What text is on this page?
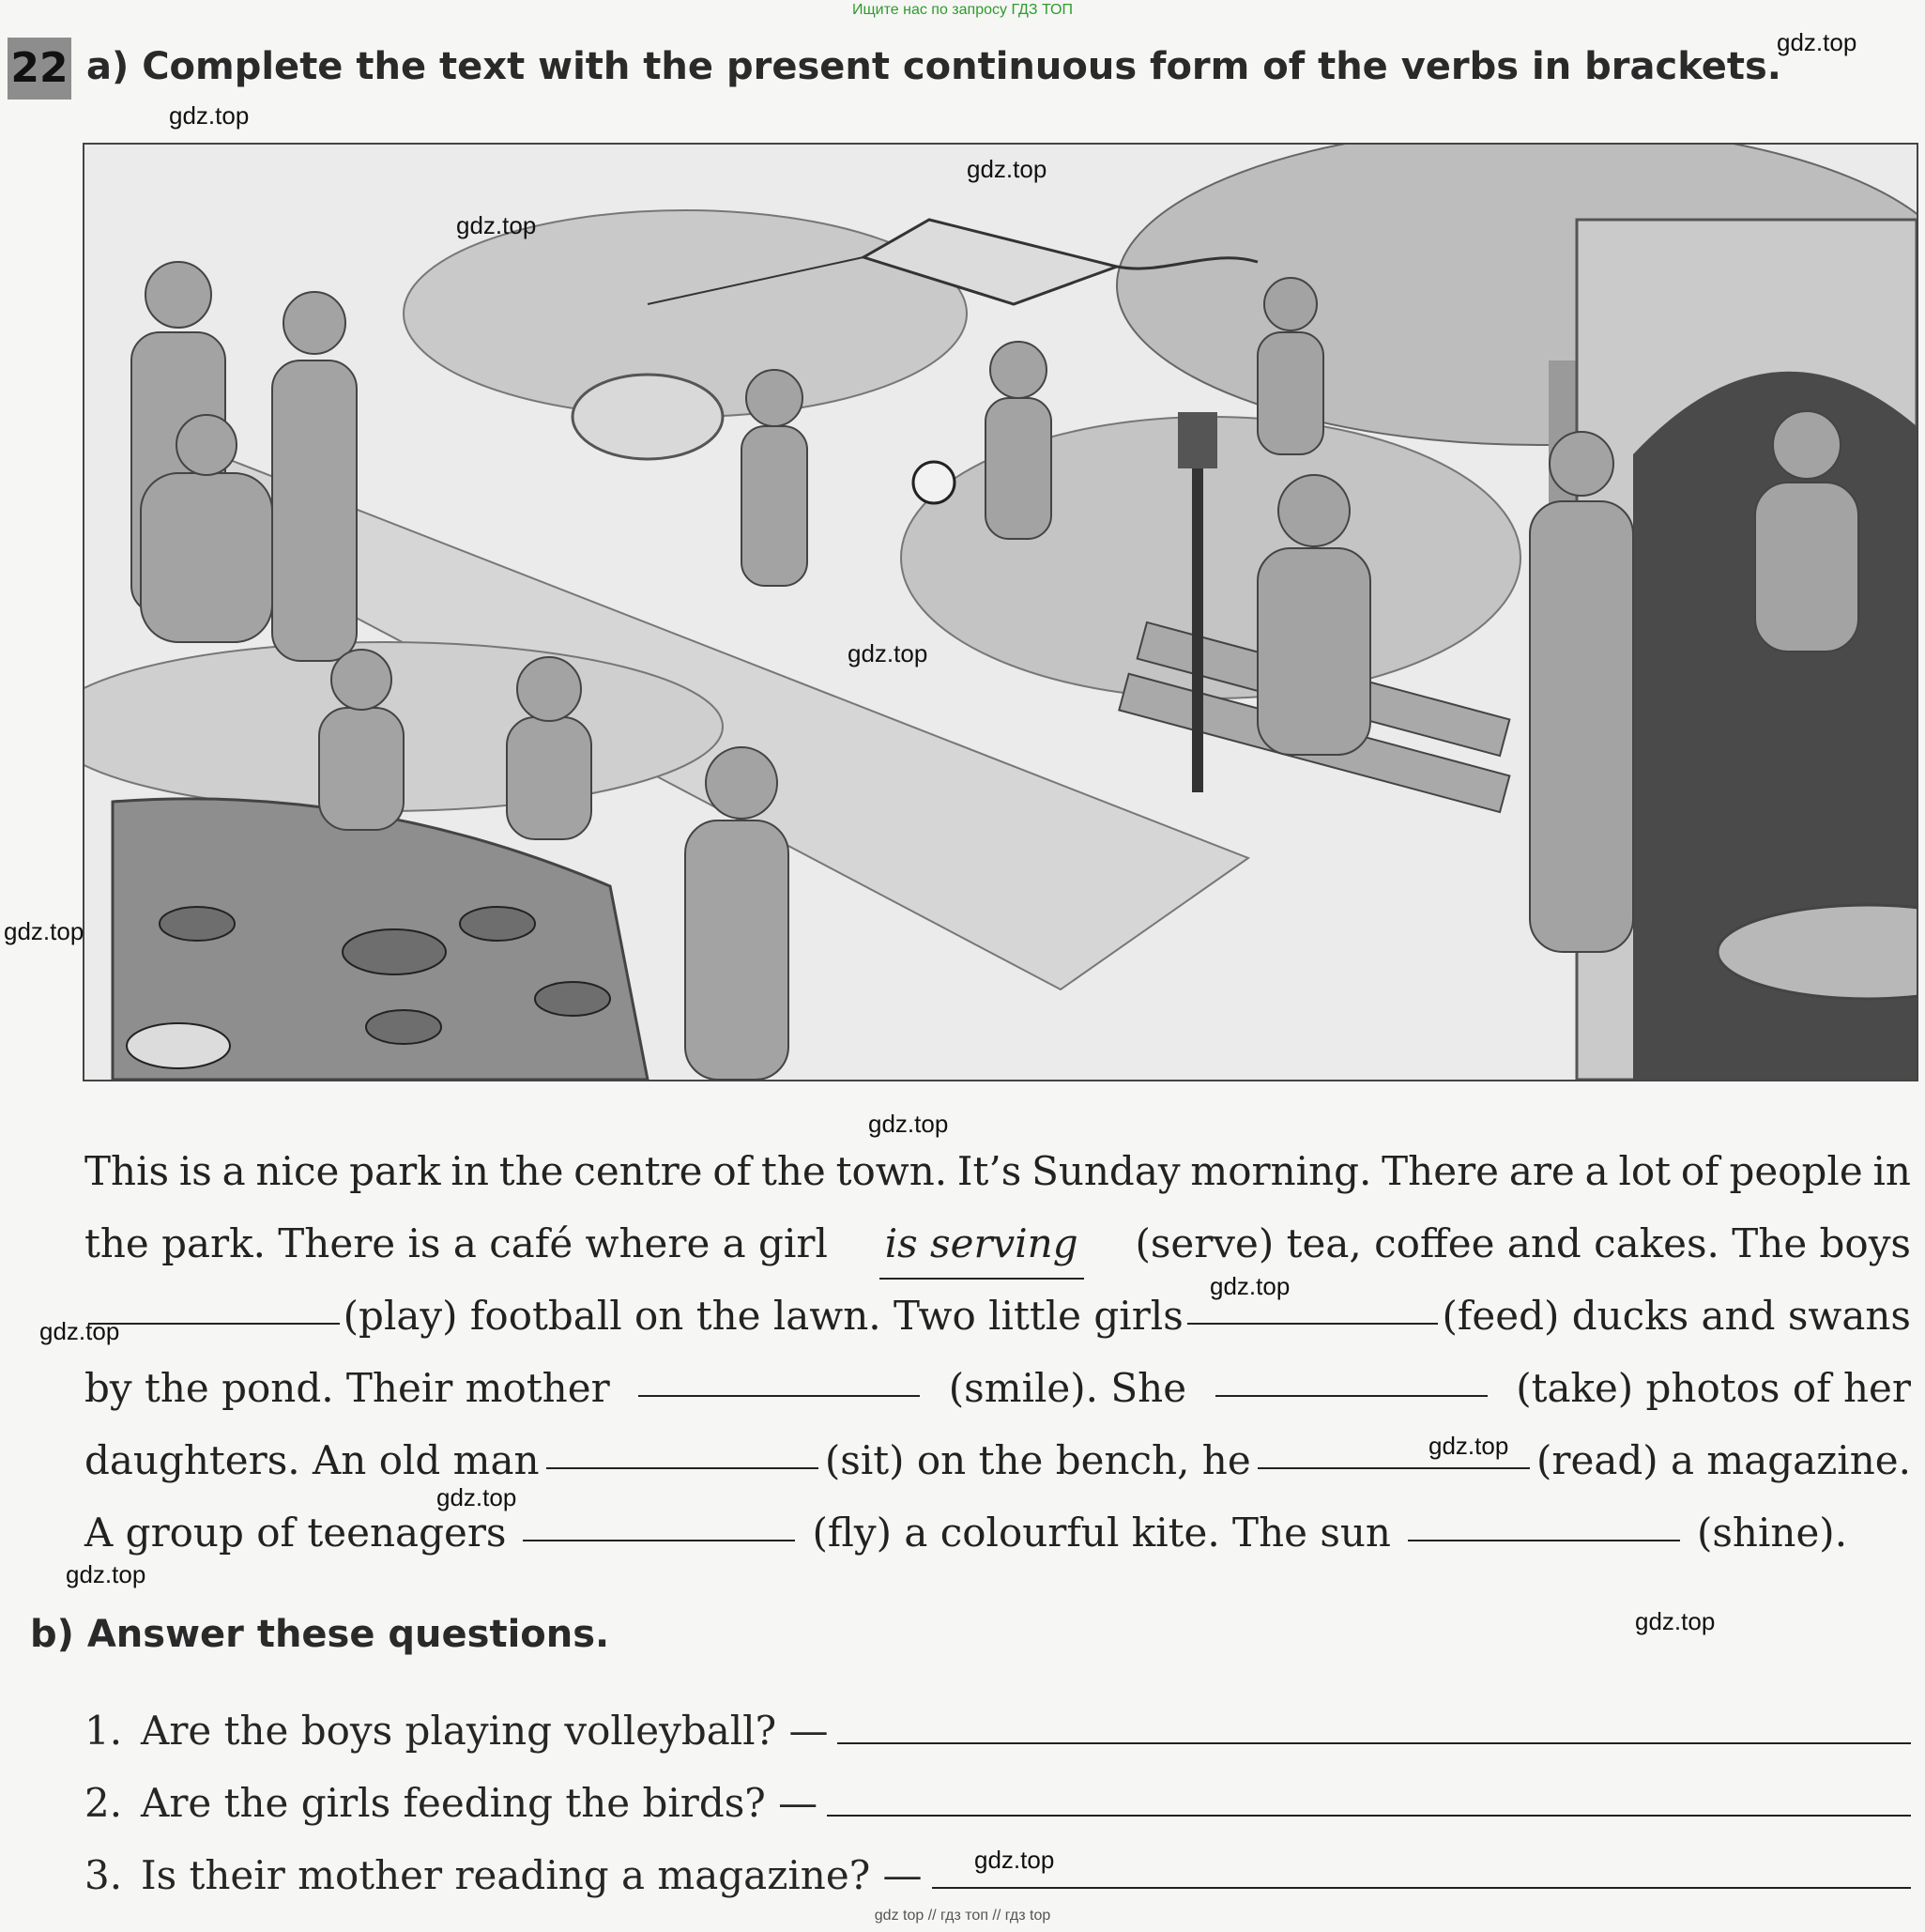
Ищите нас по запросу ГДЗ ТОП
22 a) Complete the text with the present continuous form of the verbs in brackets.
gdz.top
gdz.top
gdz.top
gdz.top
gdz.top
gdz.top
gdz.top
This is a nice park in the centre of the town. It’s Sunday morning. There are a lot of people in
the park. There is a café where a girl is serving (serve) tea, coffee and cakes. The boys
(play) football on the lawn. Two little girls	(feed) ducks and swans
by the pond. Their mother	(smile). She	(take) photos of her
daughters. An old man	(sit) on the bench, he	(read) a magazine.
A group of teenagers	(fly) a colourful kite. The sun	(shine).
gdz.top
gdz.top
gdz.top
gdz.top
gdz.top
gdz.top
b) Answer these questions.
1. Are the boys playing volleyball? —
2. Are the girls feeding the birds? —
3. Is their mother reading a magazine? — gdz.top
gdz top // гдз топ // гдз top
